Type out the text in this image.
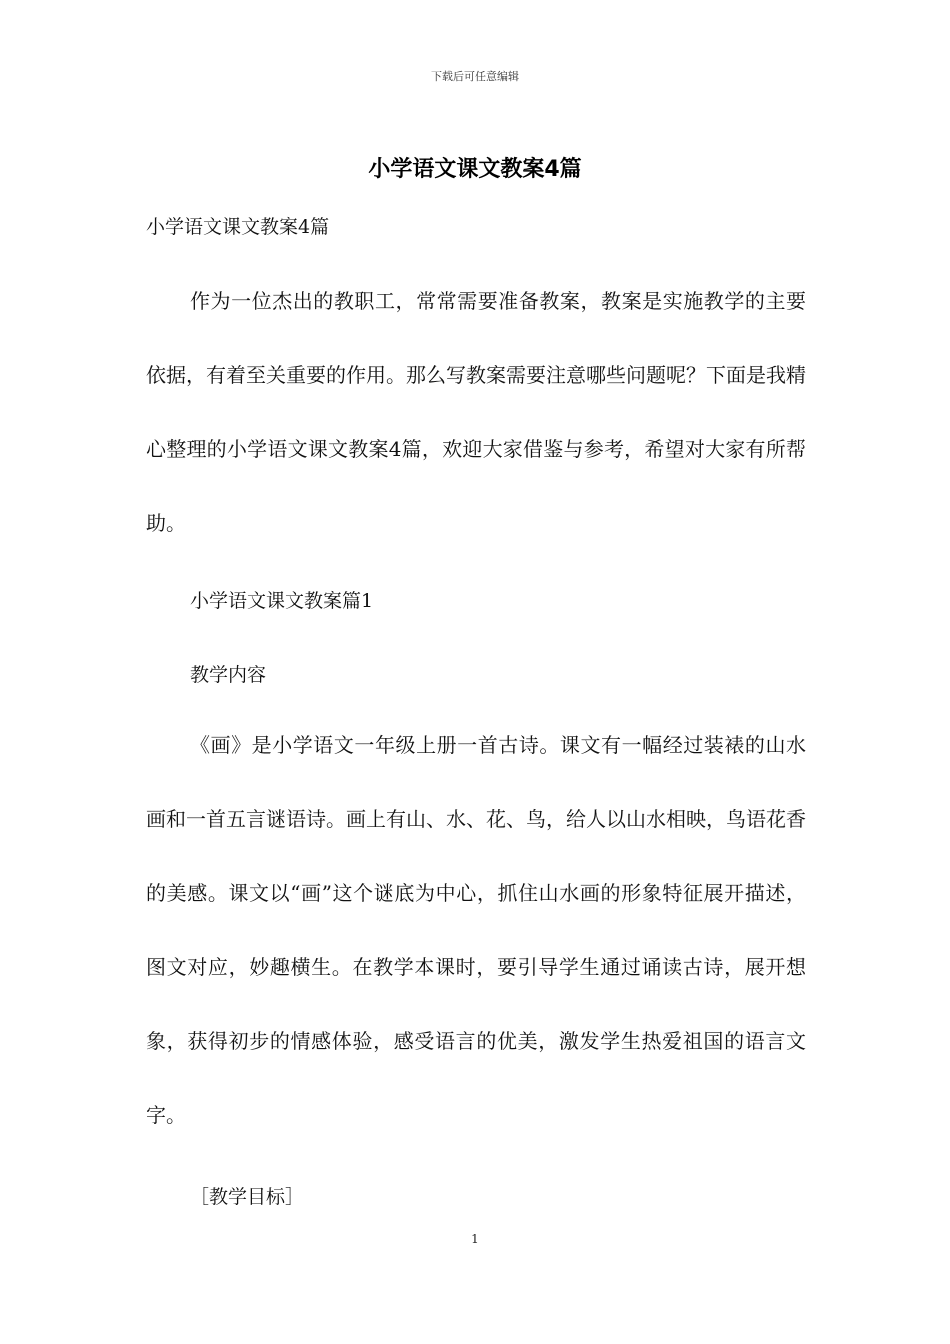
下载后可任意编辑
小学语文课文教案4篇
小学语文课文教案4篇
作为一位杰出的教职工，常常需要准备教案，教案是实施教学的主要依据，有着至关重要的作用。那么写教案需要注意哪些问题呢？下面是我精心整理的小学语文课文教案4篇，欢迎大家借鉴与参考，希望对大家有所帮助。
小学语文课文教案篇1
教学内容
《画》是小学语文一年级上册一首古诗。课文有一幅经过装裱的山水画和一首五言谜语诗。画上有山、水、花、鸟，给人以山水相映，鸟语花香的美感。课文以“画”这个谜底为中心，抓住山水画的形象特征展开描述，图文对应，妙趣横生。在教学本课时，要引导学生通过诵读古诗，展开想象，获得初步的情感体验，感受语言的优美，激发学生热爱祖国的语言文字。
［教学目标］
1
